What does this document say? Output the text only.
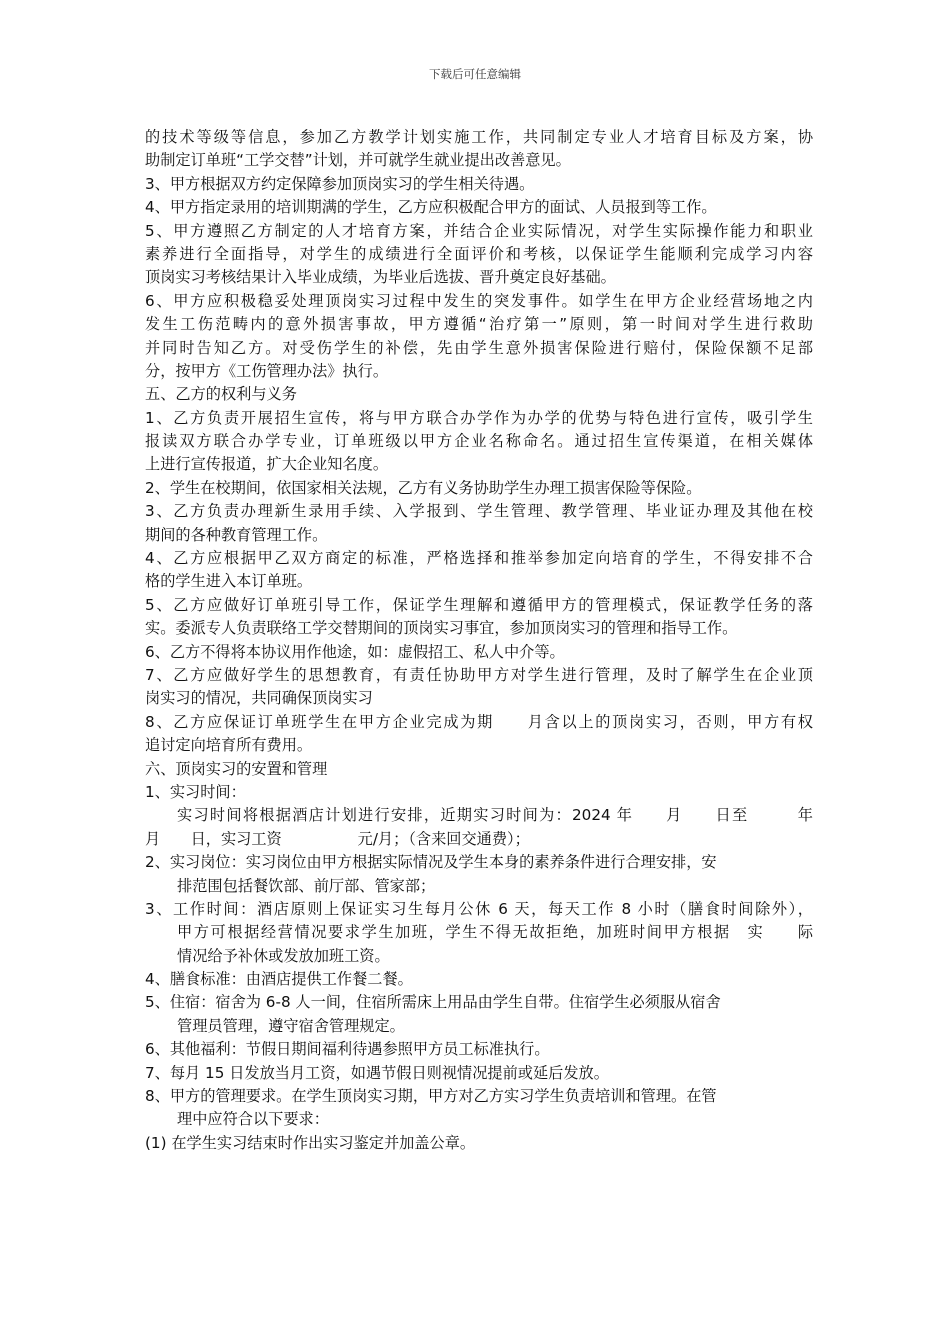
下载后可任意编辑
的技术等级等信息，参加乙方教学计划实施工作，共同制定专业人才培育目标及方案，协
助制定订单班“工学交替”计划，并可就学生就业提出改善意见。
3、甲方根据双方约定保障参加顶岗实习的学生相关待遇。
4、甲方指定录用的培训期满的学生，乙方应积极配合甲方的面试、人员报到等工作。
5、甲方遵照乙方制定的人才培育方案，并结合企业实际情况，对学生实际操作能力和职业
素养进行全面指导，对学生的成绩进行全面评价和考核，以保证学生能顺利完成学习内容
顶岗实习考核结果计入毕业成绩，为毕业后选拔、晋升奠定良好基础。
6、甲方应积极稳妥处理顶岗实习过程中发生的突发事件。如学生在甲方企业经营场地之内
发生工伤范畴内的意外损害事故，甲方遵循“治疗第一”原则，第一时间对学生进行救助
并同时告知乙方。对受伤学生的补偿，先由学生意外损害保险进行赔付，保险保额不足部
分，按甲方《工伤管理办法》执行。
五、乙方的权利与义务
1、乙方负责开展招生宣传，将与甲方联合办学作为办学的优势与特色进行宣传，吸引学生
报读双方联合办学专业，订单班级以甲方企业名称命名。通过招生宣传渠道，在相关媒体
上进行宣传报道，扩大企业知名度。
2、学生在校期间，依国家相关法规，乙方有义务协助学生办理工损害保险等保险。
3、乙方负责办理新生录用手续、入学报到、学生管理、教学管理、毕业证办理及其他在校
期间的各种教育管理工作。
4、乙方应根据甲乙双方商定的标准，严格选择和推举参加定向培育的学生，不得安排不合
格的学生进入本订单班。
5、乙方应做好订单班引导工作，保证学生理解和遵循甲方的管理模式，保证教学任务的落
实。委派专人负责联络工学交替期间的顶岗实习事宜，参加顶岗实习的管理和指导工作。
6、乙方不得将本协议用作他途，如：虚假招工、私人中介等。
7、乙方应做好学生的思想教育，有责任协助甲方对学生进行管理，及时了解学生在企业顶
岗实习的情况，共同确保顶岗实习
8、乙方应保证订单班学生在甲方企业完成为期　　月含以上的顶岗实习，否则，甲方有权
追讨定向培育所有费用。
六、顶岗实习的安置和管理
1、实习时间：
实习时间将根据酒店计划进行安排，近期实习时间为：2024 年　　月　　日至　　　年
月　　日，实习工资　　　　　元/月；（含来回交通费）；
2、实习岗位：实习岗位由甲方根据实际情况及学生本身的素养条件进行合理安排，安
排范围包括餐饮部、前厅部、管家部；
3、工作时间：酒店原则上保证实习生每月公休 6 天，每天工作 8 小时（膳食时间除外），
甲方可根据经营情况要求学生加班，学生不得无故拒绝，加班时间甲方根据　实　　际
情况给予补休或发放加班工资。
4、膳食标准：由酒店提供工作餐二餐。
5、住宿：宿舍为 6-8 人一间，住宿所需床上用品由学生自带。住宿学生必须服从宿舍
管理员管理，遵守宿舍管理规定。
6、其他福利：节假日期间福利待遇参照甲方员工标准执行。
7、每月 15 日发放当月工资，如遇节假日则视情况提前或延后发放。
8、甲方的管理要求。在学生顶岗实习期，甲方对乙方实习学生负责培训和管理。在管
理中应符合以下要求：
(1) 在学生实习结束时作出实习鉴定并加盖公章。
